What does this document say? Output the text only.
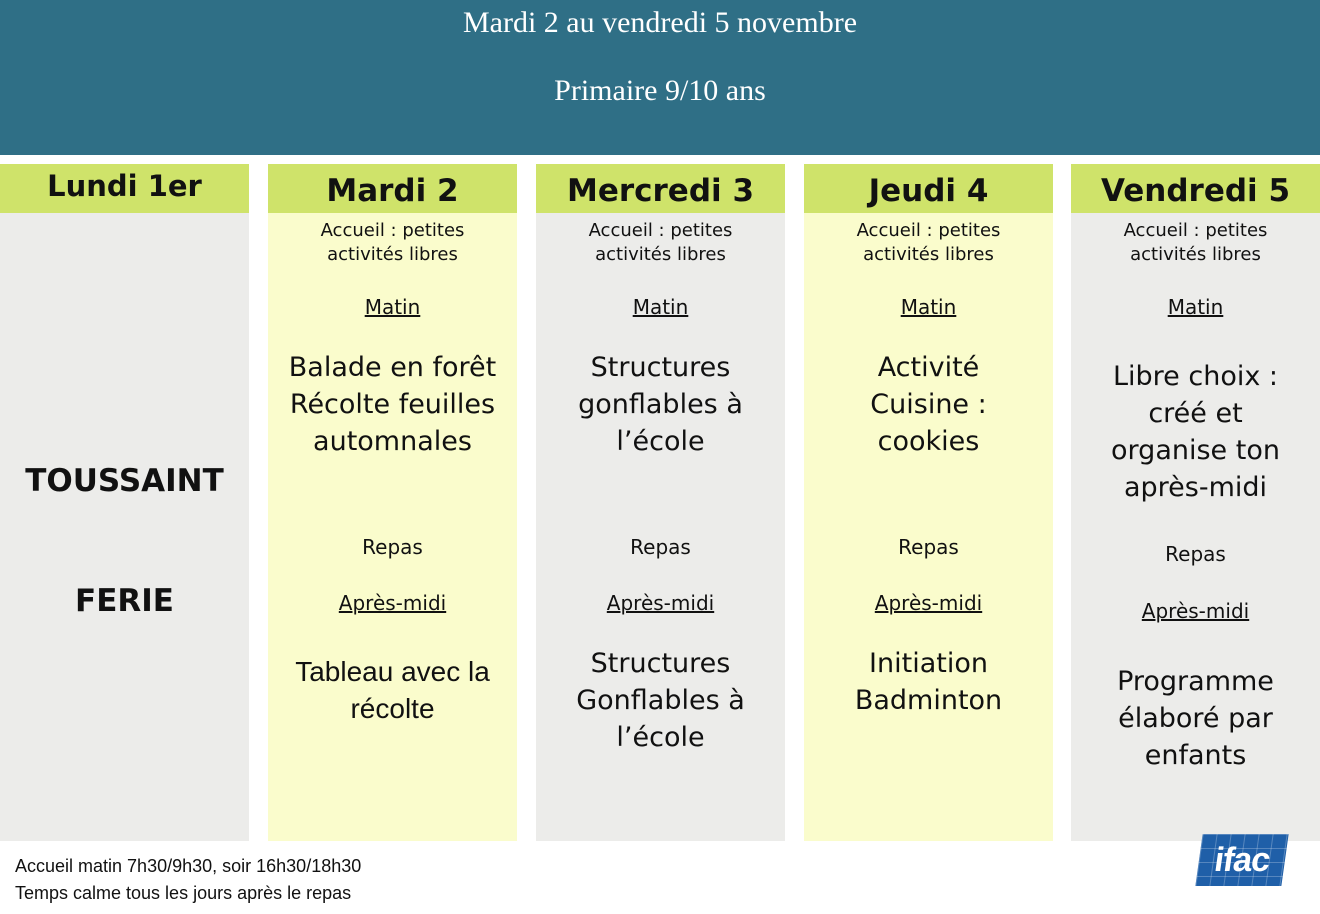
Mardi 2 au vendredi 5 novembre
Primaire 9/10 ans
Lundi 1er
TOUSSAINT
FERIE
Mardi 2
Accueil : petites activités libres
Matin
Balade en forêt Récolte feuilles automnales
Repas
Après-midi
Tableau avec la récolte
Mercredi 3
Accueil : petites activités libres
Matin
Structures gonflables à l’école
Repas
Après-midi
Structures Gonflables à l’école
Jeudi 4
Accueil : petites activités libres
Matin
Activité Cuisine : cookies
Repas
Après-midi
Initiation Badminton
Vendredi 5
Accueil : petites activités libres
Matin
Libre choix : créé et organise ton après-midi
Repas
Après-midi
Programme élaboré par enfants
Accueil matin 7h30/9h30, soir 16h30/18h30
Temps calme tous les jours après le repas
ifac
